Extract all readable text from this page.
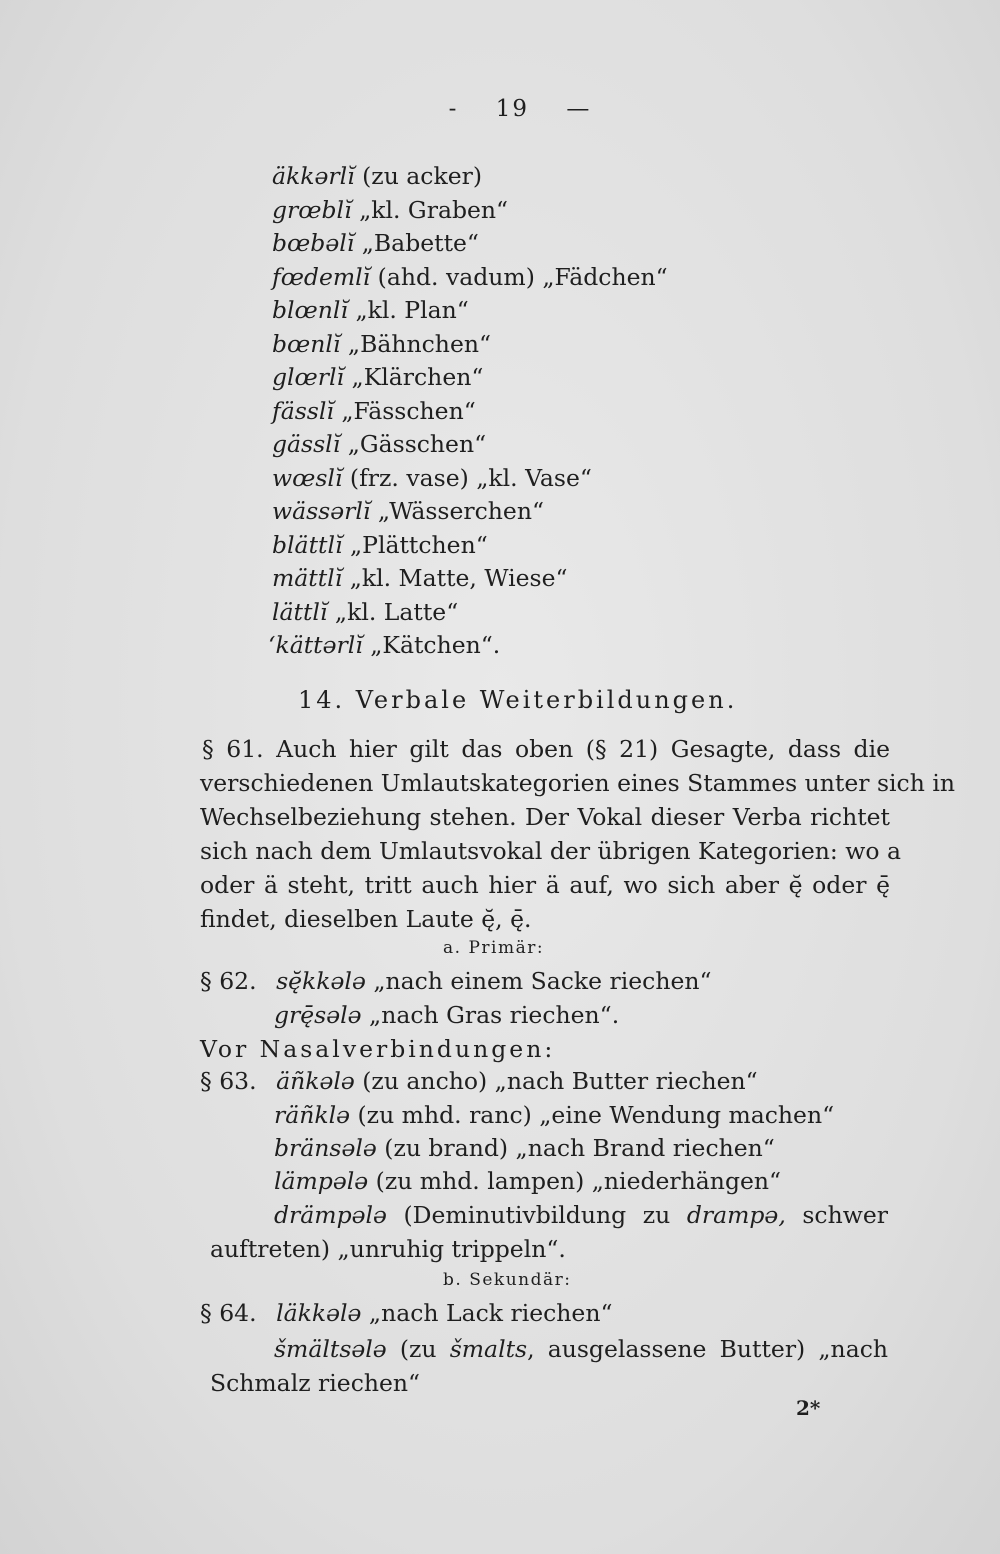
- 19 —
äkkərlĭ (zu acker)
grœblĭ „kl. Graben“
bœbəlĭ „Babette“
fœdemlĭ (ahd. vadum) „Fädchen“
blœnlĭ „kl. Plan“
bœnlĭ „Bähnchen“
glœrlĭ „Klärchen“
fässlĭ „Fässchen“
gässlĭ „Gässchen“
wœslĭ (frz. vase) „kl. Vase“
wässərlĭ „Wässerchen“
blättlĭ „Plättchen“
mättlĭ „kl. Matte, Wiese“
lättlĭ „kl. Latte“
ʻkättərlĭ „Kätchen“.
14. Verbale Weiterbildungen.
§ 61. Auch hier gilt das oben (§ 21) Gesagte, dass die
verschiedenen Umlautskategorien eines Stammes unter sich in
Wechselbeziehung stehen. Der Vokal dieser Verba richtet
sich nach dem Umlautsvokal der übrigen Kategorien: wo a
oder ä steht, tritt auch hier ä auf, wo sich aber ę̆ oder ę̄
findet, dieselben Laute ę̆, ę̄.
a. Primär:
§ 62. sę̆kkələ „nach einem Sacke riechen“
grę̄sələ „nach Gras riechen“.
Vor Nasalverbindungen:
§ 63. äñkələ (zu ancho) „nach Butter riechen“
räñklə (zu mhd. ranc) „eine Wendung machen“
bränsələ (zu brand) „nach Brand riechen“
lämpələ (zu mhd. lampen) „niederhängen“
drämpələ (Deminutivbildung zu drampə, schwer
auftreten) „unruhig trippeln“.
b. Sekundär:
§ 64. läkkələ „nach Lack riechen“
šmältsələ (zu šmalts, ausgelassene Butter) „nach
Schmalz riechen“
2*
